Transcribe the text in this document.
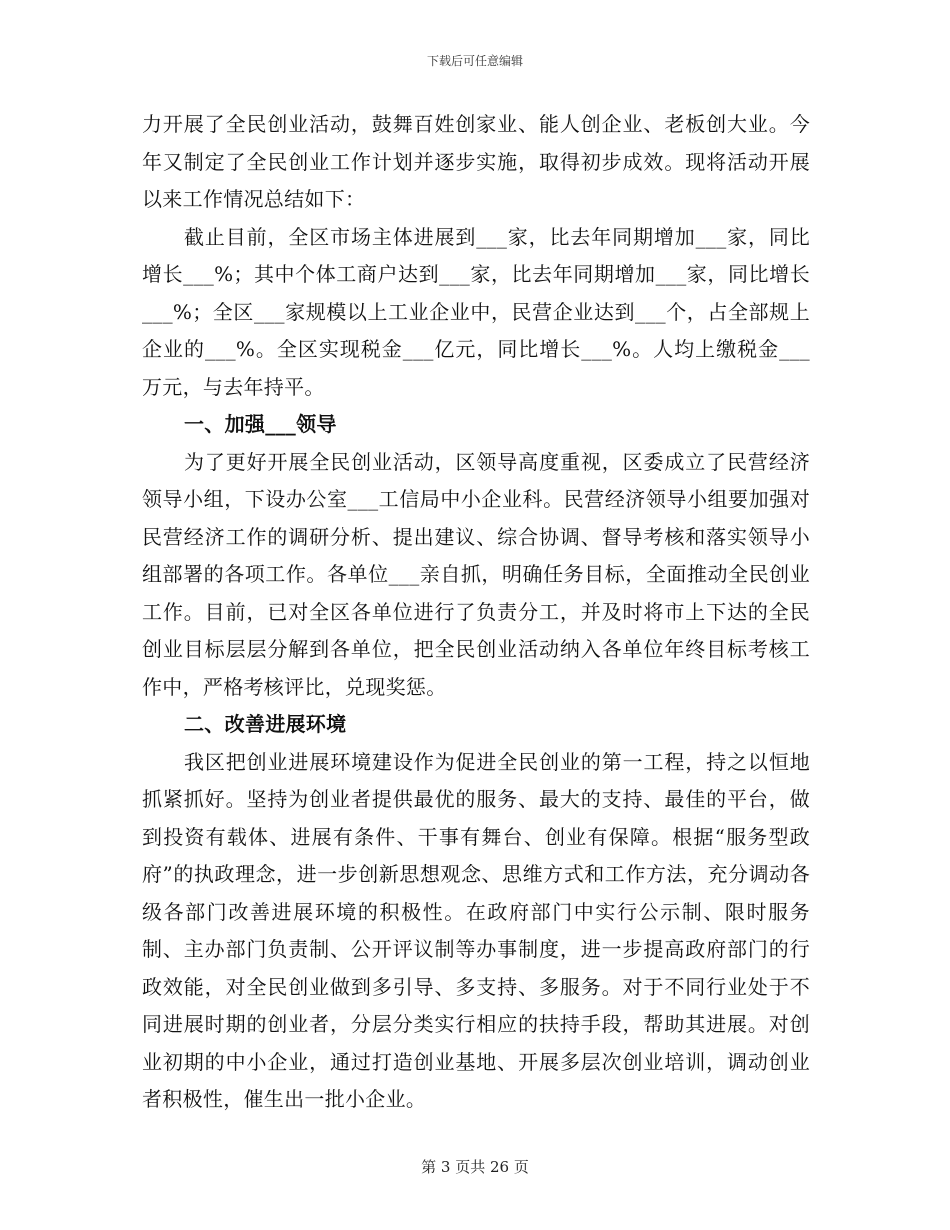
下载后可任意编辑

力开展了全民创业活动，鼓舞百姓创家业、能人创企业、老板创大业。今年又制定了全民创业工作计划并逐步实施，取得初步成效。现将活动开展以来工作情况总结如下：

截止目前，全区市场主体进展到___家，比去年同期增加___家，同比增长___%；其中个体工商户达到___家，比去年同期增加___家，同比增长___%；全区___家规模以上工业企业中，民营企业达到___个，占全部规上企业的___%。全区实现税金___亿元，同比增长___%。人均上缴税金___万元，与去年持平。

一、加强___领导

为了更好开展全民创业活动，区领导高度重视，区委成立了民营经济领导小组，下设办公室___工信局中小企业科。民营经济领导小组要加强对民营经济工作的调研分析、提出建议、综合协调、督导考核和落实领导小组部署的各项工作。各单位___亲自抓，明确任务目标，全面推动全民创业工作。目前，已对全区各单位进行了负责分工，并及时将市上下达的全民创业目标层层分解到各单位，把全民创业活动纳入各单位年终目标考核工作中，严格考核评比，兑现奖惩。

二、改善进展环境

我区把创业进展环境建设作为促进全民创业的第一工程，持之以恒地抓紧抓好。坚持为创业者提供最优的服务、最大的支持、最佳的平台，做到投资有载体、进展有条件、干事有舞台、创业有保障。根据“服务型政府”的执政理念，进一步创新思想观念、思维方式和工作方法，充分调动各级各部门改善进展环境的积极性。在政府部门中实行公示制、限时服务制、主办部门负责制、公开评议制等办事制度，进一步提高政府部门的行政效能，对全民创业做到多引导、多支持、多服务。对于不同行业处于不同进展时期的创业者，分层分类实行相应的扶持手段，帮助其进展。对创业初期的中小企业，通过打造创业基地、开展多层次创业培训，调动创业者积极性，催生出一批小企业。

第 3 页共 26 页
